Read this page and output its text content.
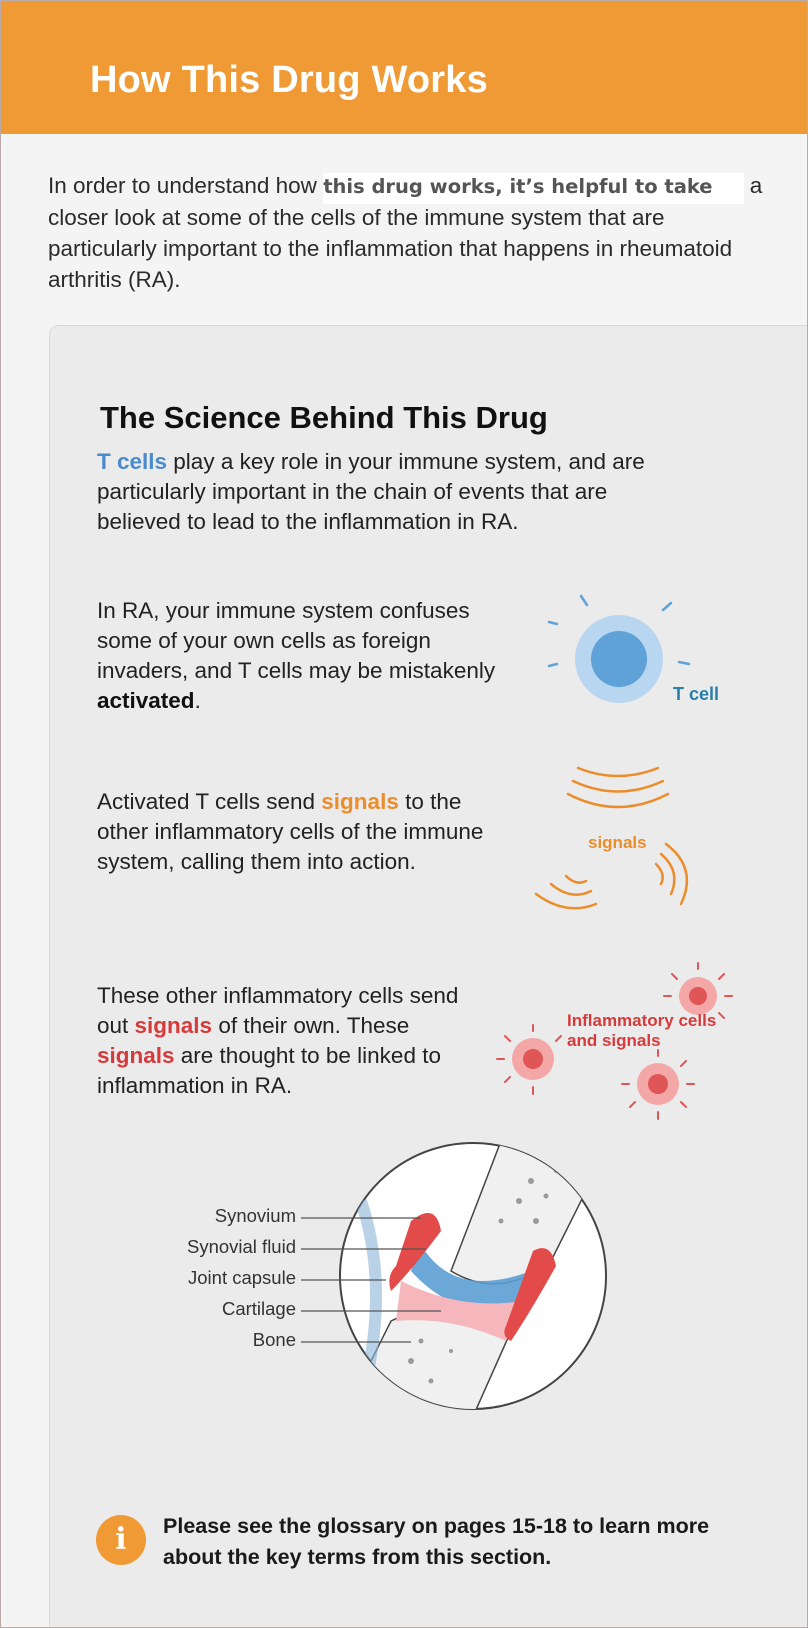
How This Drug Works
In order to understand how this drug works, it’s helpful to take a closer look at some of the cells of the immune system that are particularly important to the inflammation that happens in rheumatoid arthritis (RA).
The Science Behind This Drug
T cells play a key role in your immune system, and are particularly important in the chain of events that are believed to lead to the inflammation in RA.
In RA, your immune system confuses some of your own cells as foreign invaders, and T cells may be mistakenly activated.
Activated T cells send signals to the other inflammatory cells of the immune system, calling them into action.
These other inflammatory cells send out signals of their own. These signals are thought to be linked to inflammation in RA.
T cell
signals
Inflammatory cells and signals
Synovium
Synovial fluid
Joint capsule
Cartilage
Bone
i	Please see the glossary on pages 15-18 to learn more about the key terms from this section.
